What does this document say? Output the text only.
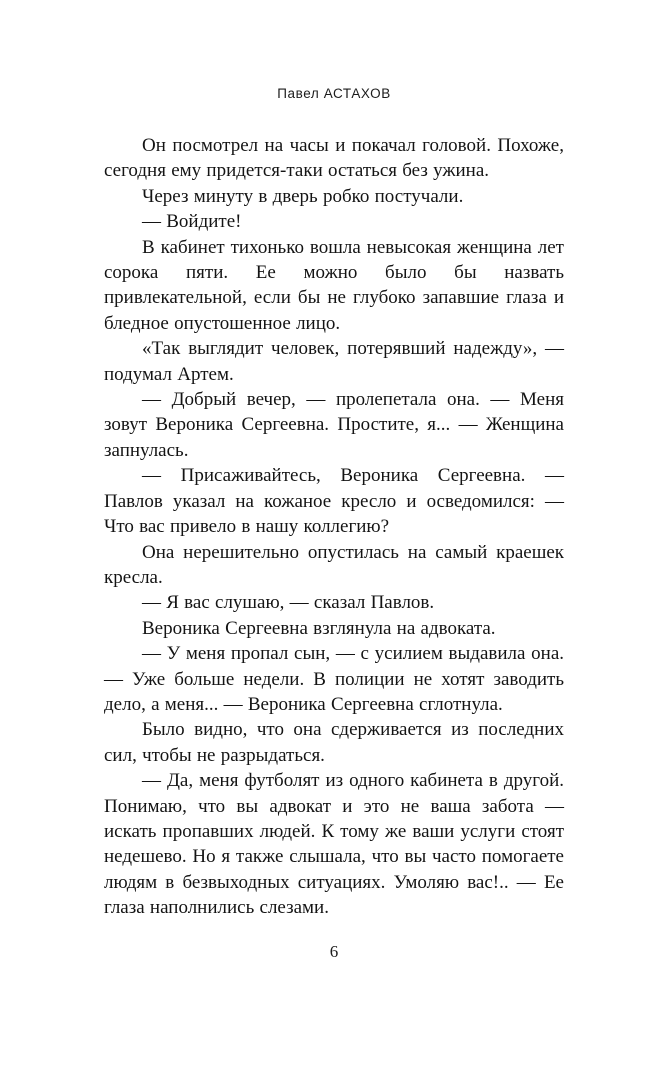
Павел АСТАХОВ

Он посмотрел на часы и покачал головой. Похоже, сегодня ему придется-таки остаться без ужина.

Через минуту в дверь робко постучали.

— Войдите!

В кабинет тихонько вошла невысокая женщина лет сорока пяти. Ее можно было бы назвать привлекательной, если бы не глубоко запавшие глаза и бледное опустошенное лицо.

«Так выглядит человек, потерявший надежду», — подумал Артем.

— Добрый вечер, — пролепетала она. — Меня зовут Вероника Сергеевна. Простите, я... — Женщина запнулась.

— Присаживайтесь, Вероника Сергеевна. — Павлов указал на кожаное кресло и осведомился: — Что вас привело в нашу коллегию?

Она нерешительно опустилась на самый краешек кресла.

— Я вас слушаю, — сказал Павлов.

Вероника Сергеевна взглянула на адвоката.

— У меня пропал сын, — с усилием выдавила она. — Уже больше недели. В полиции не хотят заводить дело, а меня... — Вероника Сергеевна сглотнула.

Было видно, что она сдерживается из последних сил, чтобы не разрыдаться.

— Да, меня футболят из одного кабинета в другой. Понимаю, что вы адвокат и это не ваша забота — искать пропавших людей. К тому же ваши услуги стоят недешево. Но я также слышала, что вы часто помогаете людям в безвыходных ситуациях. Умоляю вас!.. — Ее глаза наполнились слезами.

6
